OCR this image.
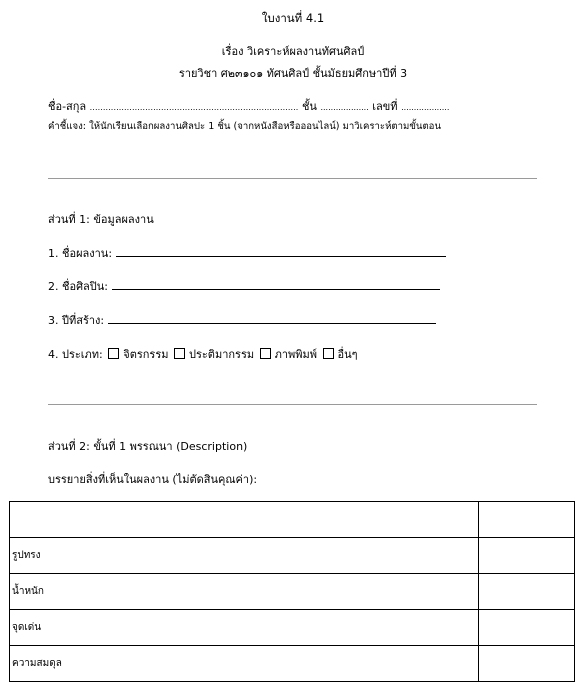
ใบงานที่ 4.1
เรื่อง วิเคราะห์ผลงานทัศนศิลป์
รายวิชา ศ๒๓๑๐๑ ทัศนศิลป์ ชั้นมัธยมศึกษาปีที่ 3
ชื่อ-สกุล ............................................................................... ชั้น ................... เลขที่ ...................
คำชี้แจง: ให้นักเรียนเลือกผลงานศิลปะ 1 ชิ้น (จากหนังสือหรือออนไลน์) มาวิเคราะห์ตามขั้นตอน
ส่วนที่ 1: ข้อมูลผลงาน
1. ชื่อผลงาน:
2. ชื่อศิลปิน:
3. ปีที่สร้าง:
4. ประเภท: จิตรกรรม ประติมากรรม ภาพพิมพ์ อื่นๆ
ส่วนที่ 2: ขั้นที่ 1 พรรณนา (Description)
บรรยายสิ่งที่เห็นในผลงาน (ไม่ตัดสินคุณค่า):

รูปทรง	
น้ำหนัก	
จุดเด่น	
ความสมดุล	
